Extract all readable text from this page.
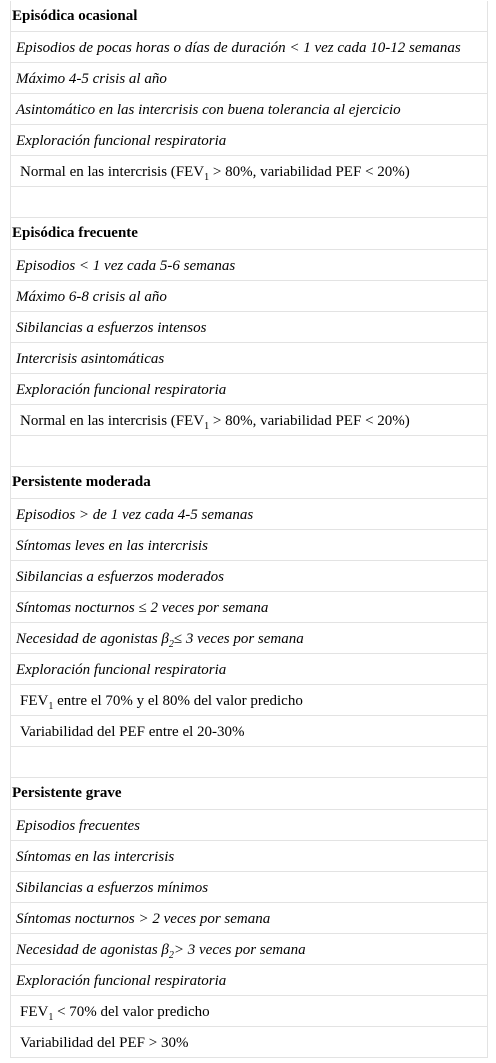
Episódica ocasional
Episodios de pocas horas o días de duración < 1 vez cada 10-12 semanas
Máximo 4-5 crisis al año
Asintomático en las intercrisis con buena tolerancia al ejercicio
Exploración funcional respiratoria
Normal en las intercrisis ($FEV_1 > 80\%$, variabilidad PEF < 20%)
Episódica frecuente
Episodios < 1 vez cada 5-6 semanas
Máximo 6-8 crisis al año
Sibilancias a esfuerzos intensos
Intercrisis asintomáticas
Exploración funcional respiratoria
Normal en las intercrisis ($FEV_1 > 80\%$, variabilidad PEF < 20%)
Persistente moderada
Episodios > de 1 vez cada 4-5 semanas
Síntomas leves en las intercrisis
Sibilancias a esfuerzos moderados
Síntomas nocturnos ≤ 2 veces por semana
Necesidad de agonistas $\beta_2\le 3$ veces por semana
Exploración funcional respiratoria
$FEV_1$ entre el 70% y el 80% del valor predicho
Variabilidad del PEF entre el 20-30%
Persistente grave
Episodios frecuentes
Síntomas en las intercrisis
Sibilancias a esfuerzos mínimos
Síntomas nocturnos > 2 veces por semana
Necesidad de agonistas $\beta_2> 3$ veces por semana
Exploración funcional respiratoria
$FEV_1 < 70\%$ del valor predicho
Variabilidad del PEF > 30%
